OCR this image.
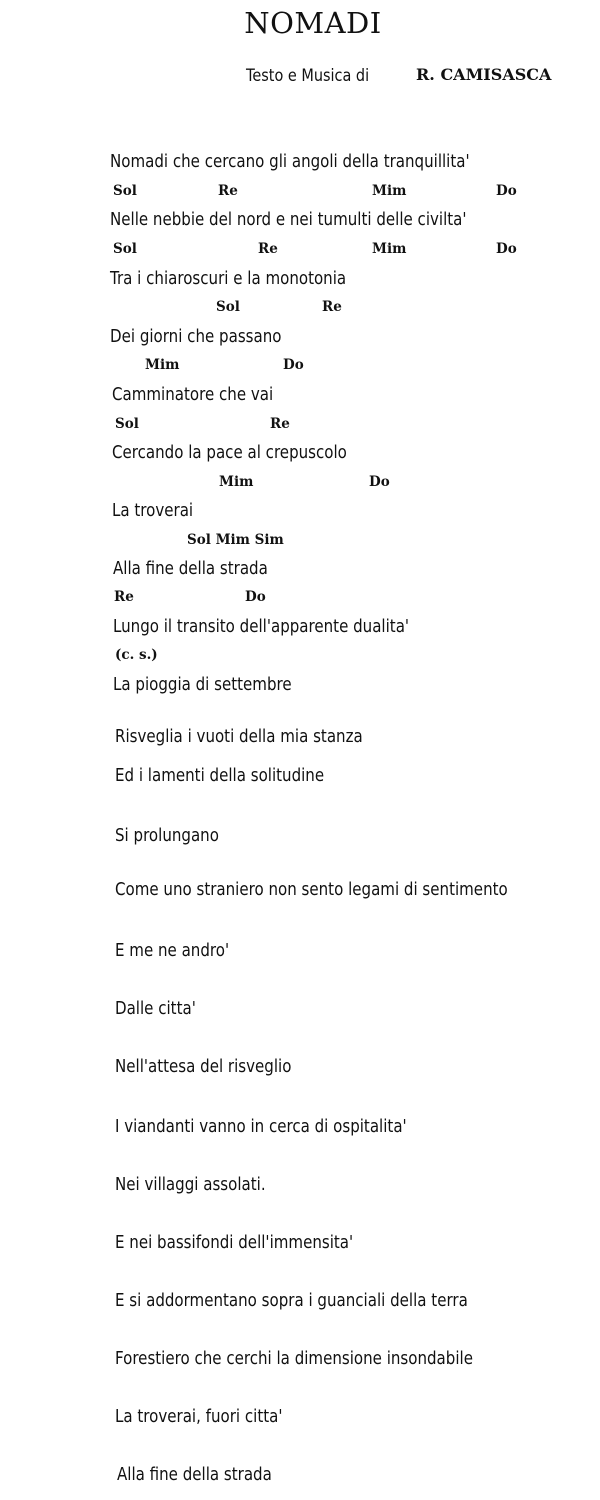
NOMADI
Testo e Musica di	R. CAMISASCA
Nomadi che cercano gli angoli della tranquillita'
Sol	Re	Mim	Do
Nelle nebbie del nord e nei tumulti delle civilta'
Sol	Re	Mim	Do
Tra i chiaroscuri e la monotonia
Sol	Re
Dei giorni che passano
Mim	Do
Camminatore che vai
Sol	Re
Cercando la pace al crepuscolo
Mim	Do
La troverai
Sol Mim Sim
Alla fine della strada
Re	Do
Lungo il transito dell'apparente dualita'
(c. s.)
La pioggia di settembre
Risveglia i vuoti della mia stanza
Ed i lamenti della solitudine
Si prolungano
Come uno straniero non sento legami di sentimento
E me ne andro'
Dalle citta'
Nell'attesa del risveglio
I viandanti vanno in cerca di ospitalita'
Nei villaggi assolati.
E nei bassifondi dell'immensita'
E si addormentano sopra i guanciali della terra
Forestiero che cerchi la dimensione insondabile
La troverai, fuori citta'
Alla fine della strada
